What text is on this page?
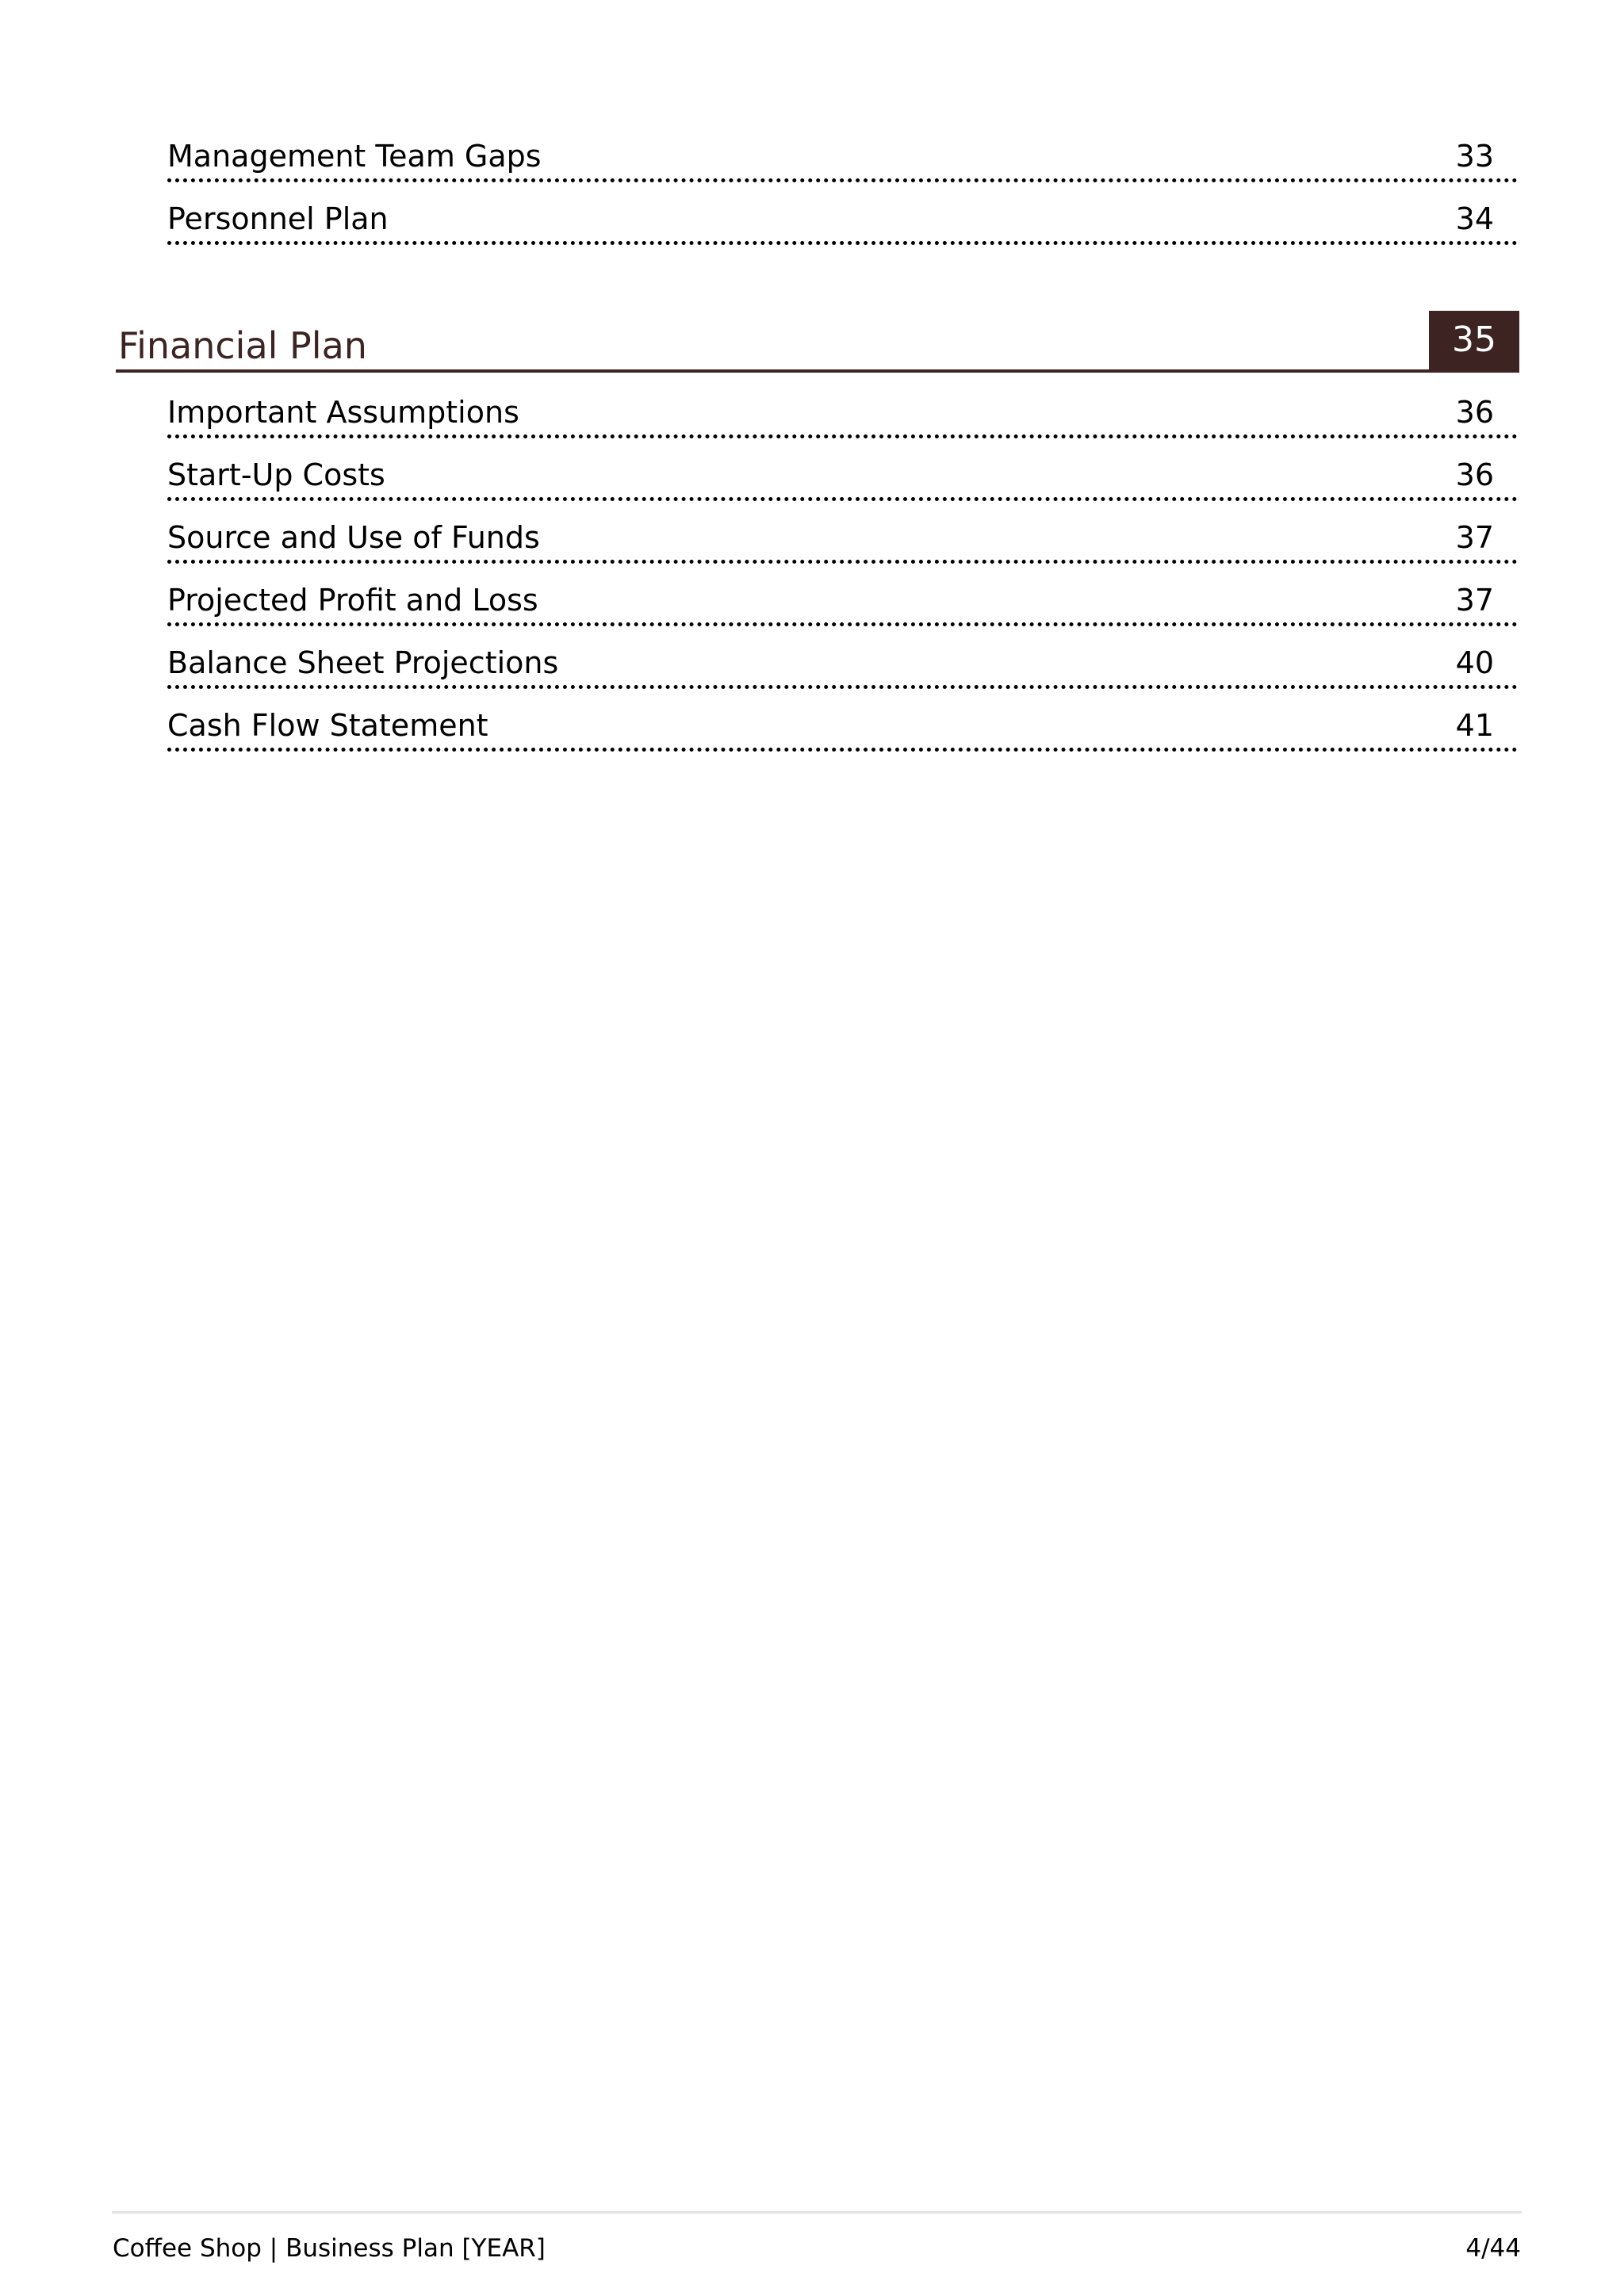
Management Team Gaps	33
Personnel Plan	34
Financial Plan	35
Important Assumptions	36
Start-Up Costs	36
Source and Use of Funds	37
Projected Profit and Loss	37
Balance Sheet Projections	40
Cash Flow Statement	41
Coffee Shop | Business Plan [YEAR]	4/44
